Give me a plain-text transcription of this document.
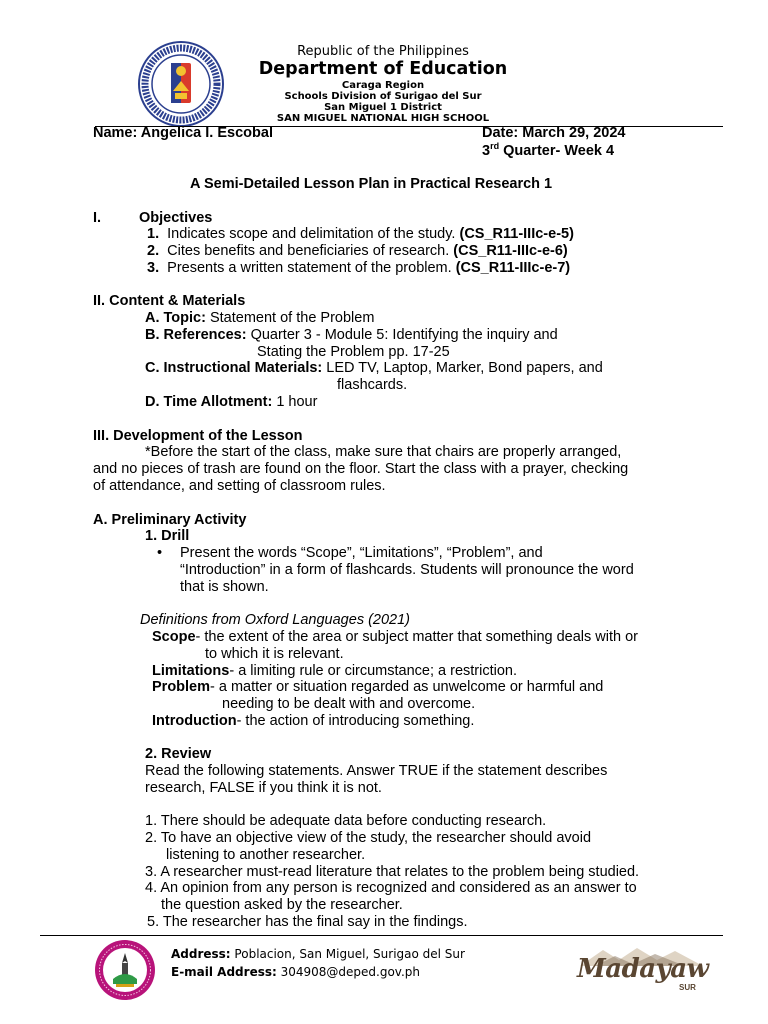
Republic of the Philippines
Department of Education
Caraga Region
Schools Division of Surigao del Sur
San Miguel 1 District
SAN MIGUEL NATIONAL HIGH SCHOOL
Name: Angelica I. Escobal	Date: March 29, 2024
3rd Quarter- Week 4
A Semi-Detailed Lesson Plan in Practical Research 1
I.	Objectives
1. Indicates scope and delimitation of the study. (CS_R11-IIIc-e-5)
2. Cites benefits and beneficiaries of research. (CS_R11-IIIc-e-6)
3. Presents a written statement of the problem. (CS_R11-IIIc-e-7)
II. Content & Materials
A. Topic: Statement of the Problem
B. References: Quarter 3 - Module 5: Identifying the inquiry and
Stating the Problem pp. 17-25
C. Instructional Materials: LED TV, Laptop, Marker, Bond papers, and
flashcards.
D. Time Allotment: 1 hour
III. Development of the Lesson
*Before the start of the class, make sure that chairs are properly arranged,
and no pieces of trash are found on the floor. Start the class with a prayer, checking
of attendance, and setting of classroom rules.
A. Preliminary Activity
1. Drill
• Present the words “Scope”, “Limitations”, “Problem”, and
“Introduction” in a form of flashcards. Students will pronounce the word
that is shown.
Definitions from Oxford Languages (2021)
Scope- the extent of the area or subject matter that something deals with or
to which it is relevant.
Limitations- a limiting rule or circumstance; a restriction.
Problem- a matter or situation regarded as unwelcome or harmful and
needing to be dealt with and overcome.
Introduction- the action of introducing something.
2. Review
Read the following statements. Answer TRUE if the statement describes
research, FALSE if you think it is not.
1. There should be adequate data before conducting research.
2. To have an objective view of the study, the researcher should avoid
listening to another researcher.
3. A researcher must-read literature that relates to the problem being studied.
4. An opinion from any person is recognized and considered as an answer to
the question asked by the researcher.
5. The researcher has the final say in the findings.
Address: Poblacion, San Miguel, Surigao del Sur
E-mail Address: 304908@deped.gov.ph	Madayaw
SUR
